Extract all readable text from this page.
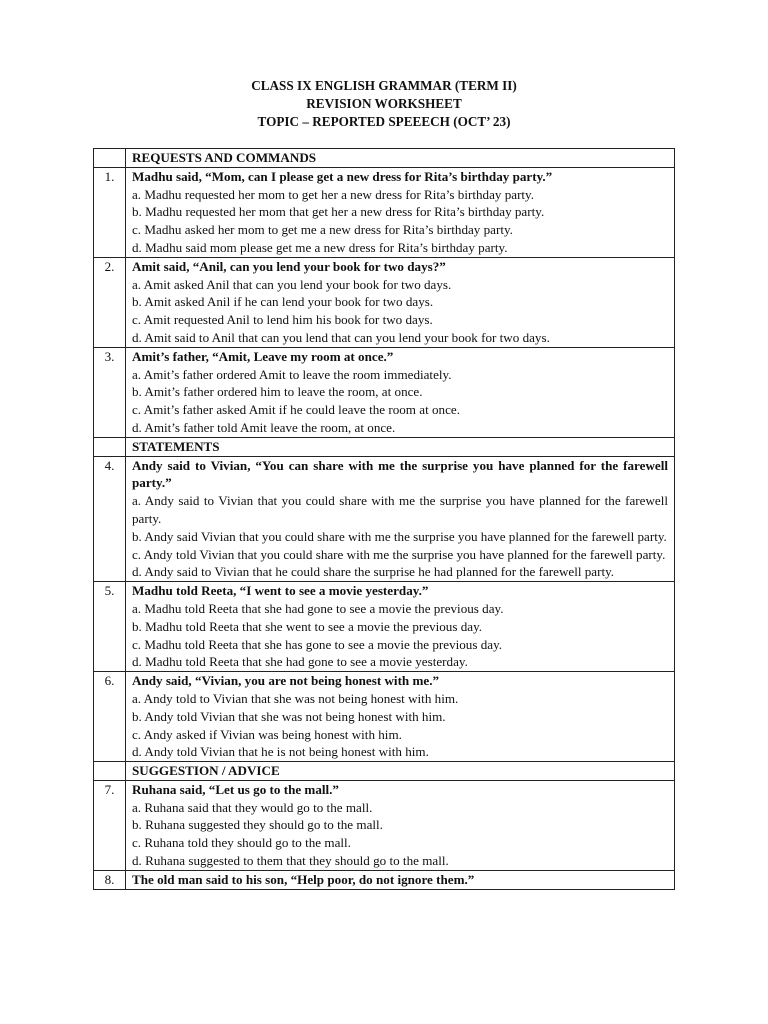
CLASS IX ENGLISH GRAMMAR (TERM II)
REVISION WORKSHEET
TOPIC – REPORTED SPEEECH (OCT’ 23)
	REQUESTS AND COMMANDS
1.	Madhu said, “Mom, can I please get a new dress for Rita’s birthday party.”
a. Madhu requested her mom to get her a new dress for Rita’s birthday party.
b. Madhu requested her mom that get her a new dress for Rita’s birthday party.
c. Madhu asked her mom to get me a new dress for Rita’s birthday party.
d. Madhu said mom please get me a new dress for Rita’s birthday party.

2.	Amit said, “Anil, can you lend your book for two days?”
a. Amit asked Anil that can you lend your book for two days.
b. Amit asked Anil if he can lend your book for two days.
c. Amit requested Anil to lend him his book for two days.
d. Amit said to Anil that can you lend that can you lend your book for two days.

3.	Amit’s father, “Amit, Leave my room at once.”
a. Amit’s father ordered Amit to leave the room immediately.
b. Amit’s father ordered him to leave the room, at once.
c. Amit’s father asked Amit if he could leave the room at once.
d. Amit’s father told Amit leave the room, at once.

	STATEMENTS
4.	Andy said to Vivian, “You can share with me the surprise you have planned for the farewell party.”
a. Andy said to Vivian that you could share with me the surprise you have planned for the farewell party.
b. Andy said Vivian that you could share with me the surprise you have planned for the farewell party.
c. Andy told Vivian that you could share with me the surprise you have planned for the farewell party.
d. Andy said to Vivian that he could share the surprise he had planned for the farewell party.

5.	Madhu told Reeta, “I went to see a movie yesterday.”
a. Madhu told Reeta that she had gone to see a movie the previous day.
b. Madhu told Reeta that she went to see a movie the previous day.
c. Madhu told Reeta that she has gone to see a movie the previous day.
d. Madhu told Reeta that she had gone to see a movie yesterday.

6.	Andy said, “Vivian, you are not being honest with me.”
a. Andy told to Vivian that she was not being honest with him.
b. Andy told Vivian that she was not being honest with him.
c. Andy asked if Vivian was being honest with him.
d. Andy told Vivian that he is not being honest with him.

	SUGGESTION / ADVICE
7.	Ruhana said, “Let us go to the mall.”
a. Ruhana said that they would go to the mall.
b. Ruhana suggested they should go to the mall.
c. Ruhana told they should go to the mall.
d. Ruhana suggested to them that they should go to the mall.

8.	The old man said to his son, “Help poor, do not ignore them.”
